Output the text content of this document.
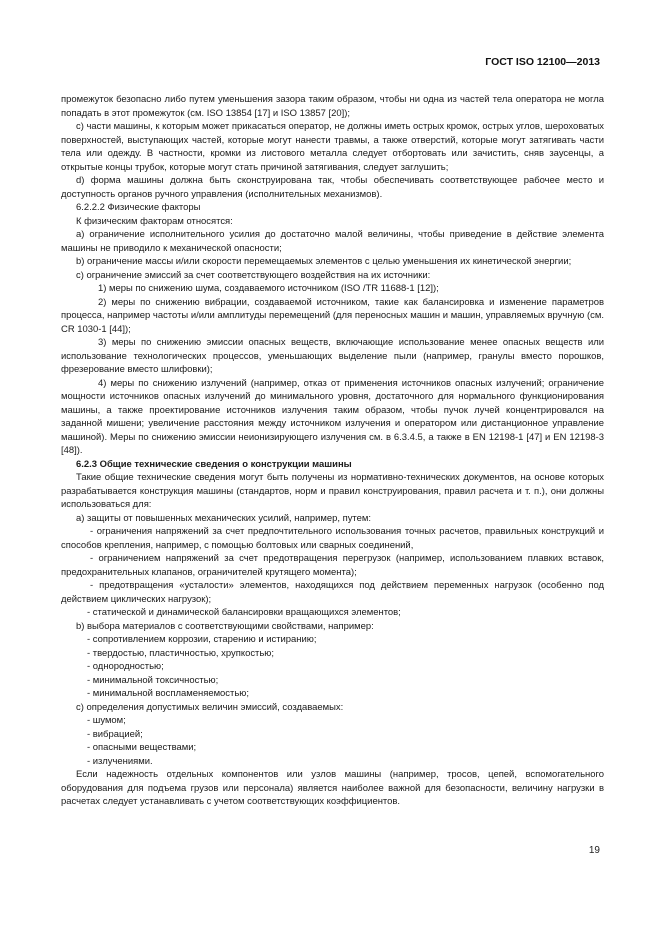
ГОСТ ISO 12100—2013

промежуток безопасно либо путем уменьшения зазора таким образом, чтобы ни одна из частей тела оператора не могла попадать в этот промежуток (см. ISO 13854 [17] и ISO 13857 [20]);

c) части машины, к которым может прикасаться оператор, не должны иметь острых кромок, острых углов, шероховатых поверхностей, выступающих частей, которые могут нанести травмы, а также отверстий, которые могут затягивать части тела или одежду. В частности, кромки из листового металла следует отбортовать или зачистить, сняв заусенцы, а открытые концы трубок, которые могут стать причиной затягивания, следует заглушить;

d) форма машины должна быть сконструирована так, чтобы обеспечивать соответствующее рабочее место и доступность органов ручного управления (исполнительных механизмов).

6.2.2.2 Физические факторы

К физическим факторам относятся:

a) ограничение исполнительного усилия до достаточно малой величины, чтобы приведение в действие элемента машины не приводило к механической опасности;

b) ограничение массы и/или скорости перемещаемых элементов с целью уменьшения их кинетической энергии;

c) ограничение эмиссий за счет соответствующего воздействия на их источники:

1) меры по снижению шума, создаваемого источником (ISO /TR 11688-1 [12]);

2) меры по снижению вибрации, создаваемой источником, такие как балансировка и изменение параметров процесса, например частоты и/или амплитуды перемещений (для переносных машин и машин, управляемых вручную (см. CR 1030-1 [44]);

3) меры по снижению эмиссии опасных веществ, включающие использование менее опасных веществ или использование технологических процессов, уменьшающих выделение пыли (например, гранулы вместо порошков, фрезерование вместо шлифовки);

4) меры по снижению излучений (например, отказ от применения источников опасных излучений; ограничение мощности источников опасных излучений до минимального уровня, достаточного для нормального функционирования машины, а также проектирование источников излучения таким образом, чтобы пучок лучей концентрировался на заданной мишени; увеличение расстояния между источником излучения и оператором или дистанционное управление машиной). Меры по снижению эмиссии неионизирующего излучения см. в 6.3.4.5, а также в EN 12198-1 [47] и EN 12198-3 [48]).

6.2.3 Общие технические сведения о конструкции машины

Такие общие технические сведения могут быть получены из нормативно-технических документов, на основе которых разрабатывается конструкция машины (стандартов, норм и правил конструирования, правил расчета и т. п.), они должны использоваться для:

a) защиты от повышенных механических усилий, например, путем:

- ограничения напряжений за счет предпочтительного использования точных расчетов, правильных конструкций и способов крепления, например, с помощью болтовых или сварных соединений,

- ограничением напряжений за счет предотвращения перегрузок (например, использованием плавких вставок, предохранительных клапанов, ограничителей крутящего момента);

- предотвращения «усталости» элементов, находящихся под действием переменных нагрузок (особенно под действием циклических нагрузок);

- статической и динамической балансировки вращающихся элементов;

b) выбора материалов с соответствующими свойствами, например:

- сопротивлением коррозии, старению и истиранию;

- твердостью, пластичностью, хрупкостью;

- однородностью;

- минимальной токсичностью;

- минимальной воспламеняемостью;

c) определения допустимых величин эмиссий, создаваемых:

- шумом;

- вибрацией;

- опасными веществами;

- излучениями.

Если надежность отдельных компонентов или узлов машины (например, тросов, цепей, вспомогательного оборудования для подъема грузов или персонала) является наиболее важной для безопасности, величину нагрузки в расчетах следует устанавливать с учетом соответствующих коэффициентов.

19
